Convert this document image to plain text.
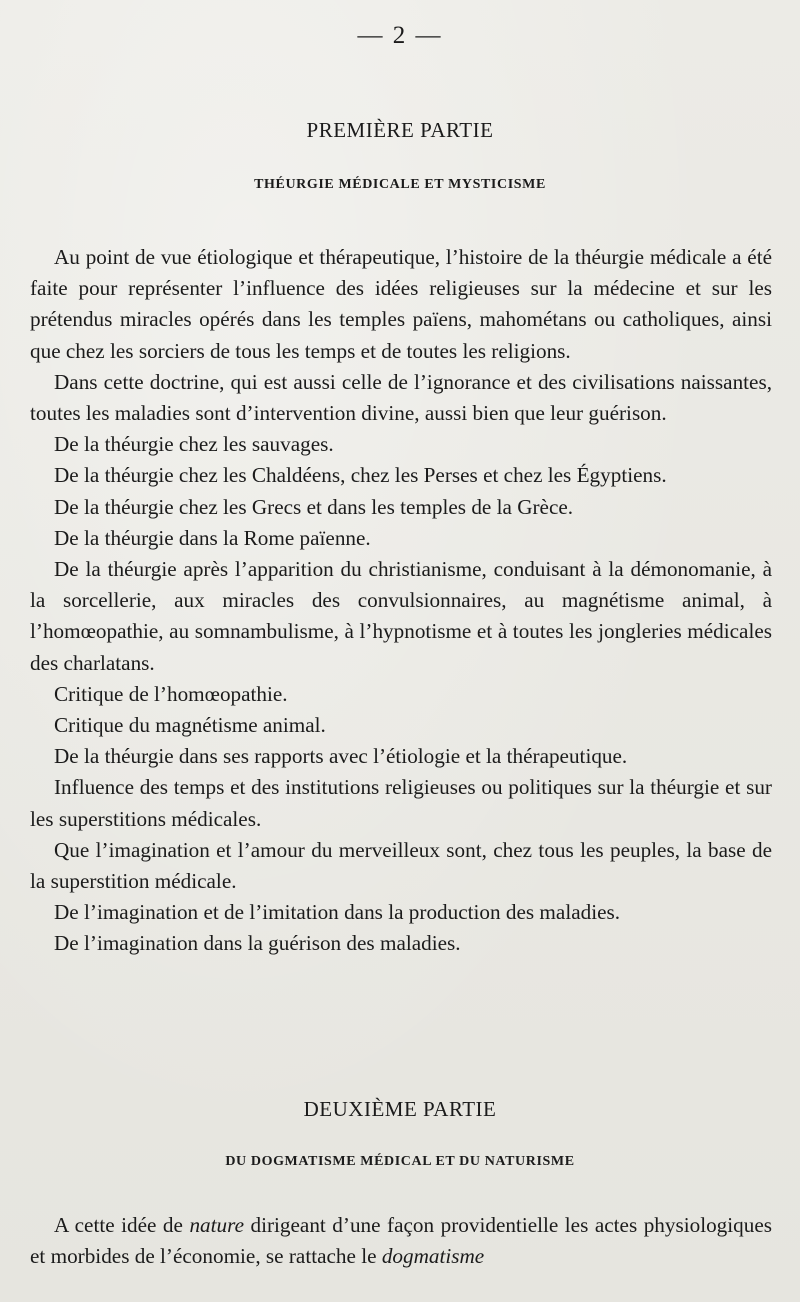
— 2 —
PREMIÈRE PARTIE
THÉURGIE MÉDICALE ET MYSTICISME

Au point de vue étiologique et thérapeutique, l’histoire de la théurgie médicale a été faite pour représenter l’influence des idées religieuses sur la médecine et sur les prétendus miracles opérés dans les temples païens, mahométans ou catholiques, ainsi que chez les sorciers de tous les temps et de toutes les religions.

Dans cette doctrine, qui est aussi celle de l’ignorance et des civilisations naissantes, toutes les maladies sont d’intervention divine, aussi bien que leur guérison.

De la théurgie chez les sauvages.

De la théurgie chez les Chaldéens, chez les Perses et chez les Égyptiens.

De la théurgie chez les Grecs et dans les temples de la Grèce.

De la théurgie dans la Rome païenne.

De la théurgie après l’apparition du christianisme, conduisant à la démonomanie, à la sorcellerie, aux miracles des convulsionnaires, au magnétisme animal, à l’homœopathie, au somnambulisme, à l’hypnotisme et à toutes les jongleries médicales des charlatans.

Critique de l’homœopathie.

Critique du magnétisme animal.

De la théurgie dans ses rapports avec l’étiologie et la thérapeutique.

Influence des temps et des institutions religieuses ou politiques sur la théurgie et sur les superstitions médicales.

Que l’imagination et l’amour du merveilleux sont, chez tous les peuples, la base de la superstition médicale.

De l’imagination et de l’imitation dans la production des maladies.

De l’imagination dans la guérison des maladies.

DEUXIÈME PARTIE
DU DOGMATISME MÉDICAL ET DU NATURISME

A cette idée de nature dirigeant d’une façon providentielle les actes physiologiques et morbides de l’économie, se rattache le dogmatisme
